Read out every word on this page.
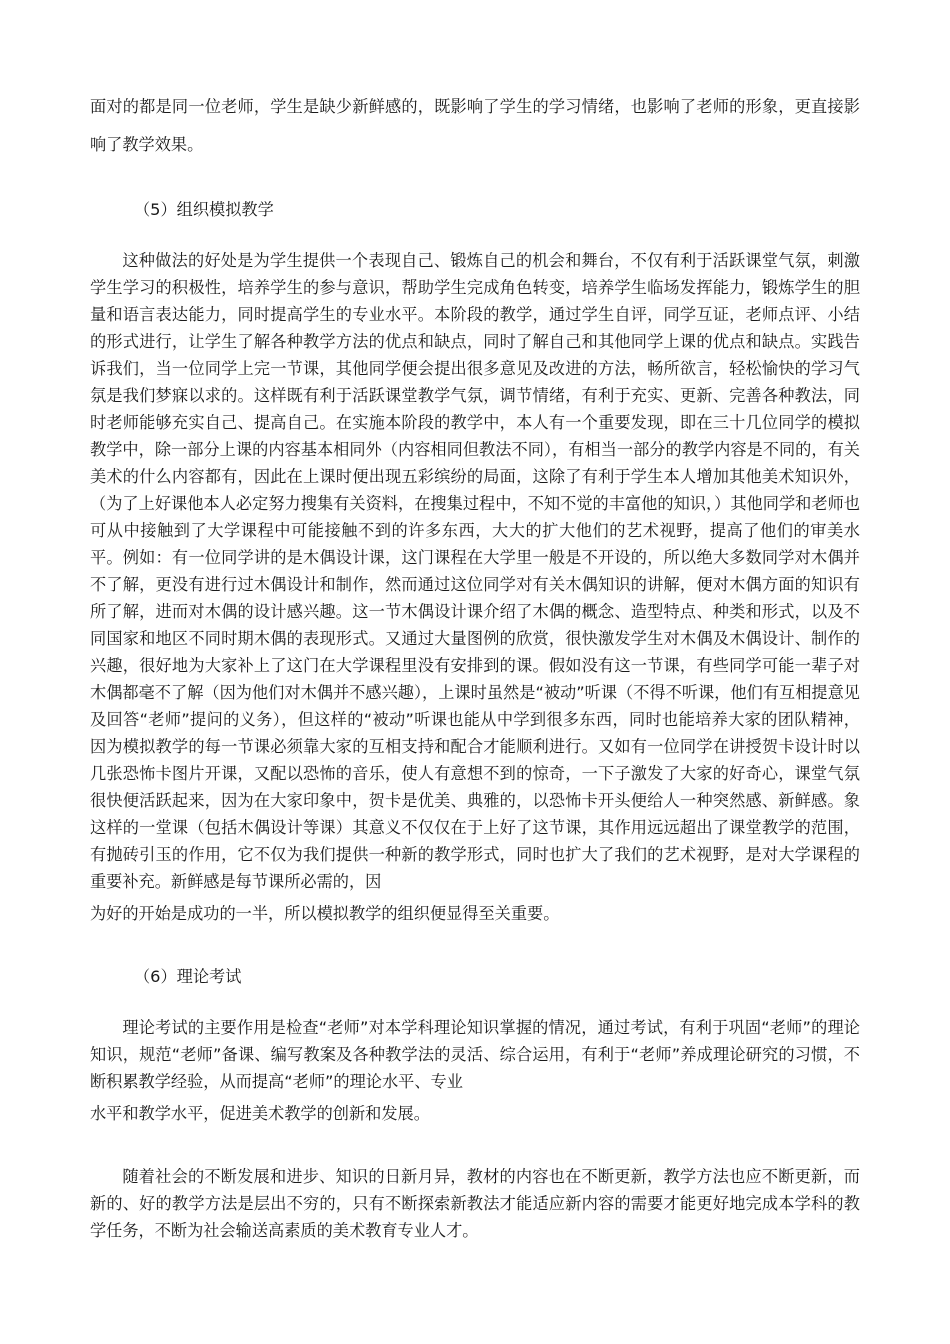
面对的都是同一位老师，学生是缺少新鲜感的，既影响了学生的学习情绪，也影响了老师的形象，更直接影响了教学效果。

（5）组织模拟教学

这种做法的好处是为学生提供一个表现自己、锻炼自己的机会和舞台，不仅有利于活跃课堂气氛，刺激学生学习的积极性，培养学生的参与意识，帮助学生完成角色转变，培养学生临场发挥能力，锻炼学生的胆量和语言表达能力，同时提高学生的专业水平。本阶段的教学，通过学生自评，同学互证，老师点评、小结的形式进行，让学生了解各种教学方法的优点和缺点，同时了解自己和其他同学上课的优点和缺点。实践告诉我们，当一位同学上完一节课，其他同学便会提出很多意见及改进的方法，畅所欲言，轻松愉快的学习气氛是我们梦寐以求的。这样既有利于活跃课堂教学气氛，调节情绪，有利于充实、更新、完善各种教法，同时老师能够充实自己、提高自己。在实施本阶段的教学中，本人有一个重要发现，即在三十几位同学的模拟教学中，除一部分上课的内容基本相同外（内容相同但教法不同），有相当一部分的教学内容是不同的，有关美术的什么内容都有，因此在上课时便出现五彩缤纷的局面，这除了有利于学生本人增加其他美术知识外，（为了上好课他本人必定努力搜集有关资料，在搜集过程中，不知不觉的丰富他的知识，）其他同学和老师也可从中接触到了大学课程中可能接触不到的许多东西，大大的扩大他们的艺术视野，提高了他们的审美水平。例如：有一位同学讲的是木偶设计课，这门课程在大学里一般是不开设的，所以绝大多数同学对木偶并不了解，更没有进行过木偶设计和制作，然而通过这位同学对有关木偶知识的讲解，便对木偶方面的知识有所了解，进而对木偶的设计感兴趣。这一节木偶设计课介绍了木偶的概念、造型特点、种类和形式，以及不同国家和地区不同时期木偶的表现形式。又通过大量图例的欣赏，很快激发学生对木偶及木偶设计、制作的兴趣，很好地为大家补上了这门在大学课程里没有安排到的课。假如没有这一节课，有些同学可能一辈子对木偶都毫不了解（因为他们对木偶并不感兴趣），上课时虽然是“被动”听课（不得不听课，他们有互相提意见及回答“老师”提问的义务），但这样的“被动”听课也能从中学到很多东西，同时也能培养大家的团队精神，因为模拟教学的每一节课必须靠大家的互相支持和配合才能顺利进行。又如有一位同学在讲授贺卡设计时以几张恐怖卡图片开课，又配以恐怖的音乐，使人有意想不到的惊奇，一下子激发了大家的好奇心，课堂气氛很快便活跃起来，因为在大家印象中，贺卡是优美、典雅的，以恐怖卡开头便给人一种突然感、新鲜感。象这样的一堂课（包括木偶设计等课）其意义不仅仅在于上好了这节课，其作用远远超出了课堂教学的范围，有抛砖引玉的作用，它不仅为我们提供一种新的教学形式，同时也扩大了我们的艺术视野，是对大学课程的重要补充。新鲜感是每节课所必需的，因

为好的开始是成功的一半，所以模拟教学的组织便显得至关重要。

（6）理论考试

理论考试的主要作用是检查“老师”对本学科理论知识掌握的情况，通过考试，有利于巩固“老师”的理论知识，规范“老师”备课、编写教案及各种教学法的灵活、综合运用，有利于“老师”养成理论研究的习惯，不断积累教学经验，从而提高“老师”的理论水平、专业

水平和教学水平，促进美术教学的创新和发展。

随着社会的不断发展和进步、知识的日新月异，教材的内容也在不断更新，教学方法也应不断更新，而新的、好的教学方法是层出不穷的，只有不断探索新教法才能适应新内容的需要才能更好地完成本学科的教学任务，不断为社会输送高素质的美术教育专业人才。
